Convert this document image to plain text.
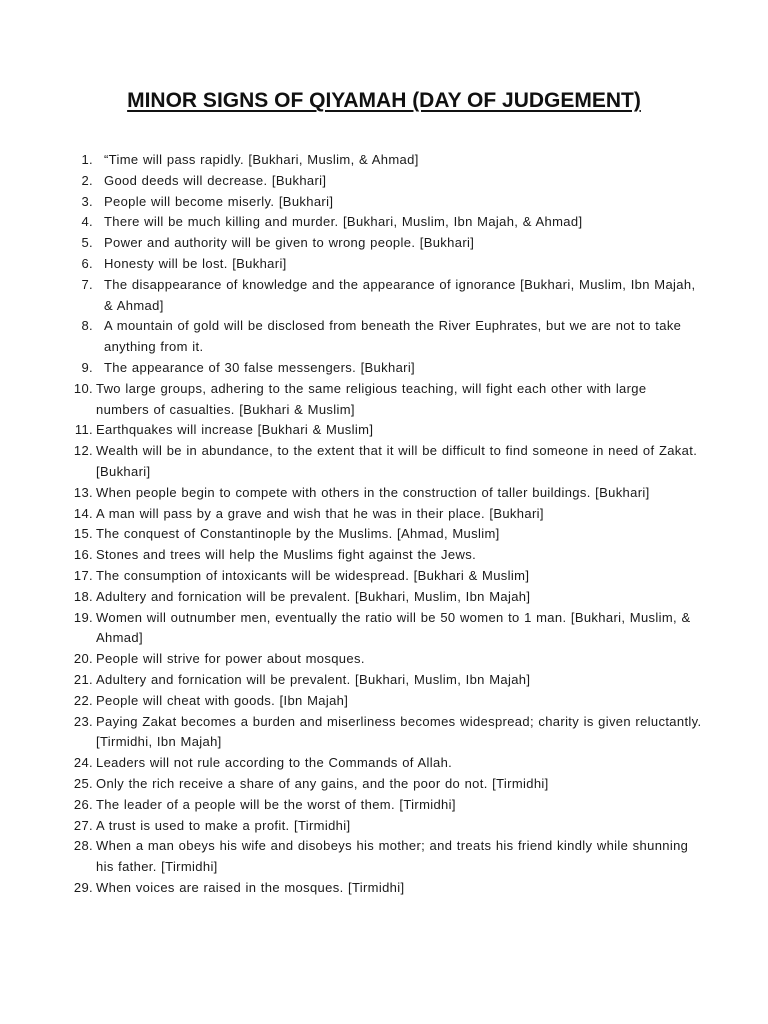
MINOR SIGNS OF QIYAMAH (DAY OF JUDGEMENT)
1. “Time will pass rapidly. [Bukhari, Muslim, & Ahmad]
2. Good deeds will decrease. [Bukhari]
3. People will become miserly. [Bukhari]
4. There will be much killing and murder. [Bukhari, Muslim, Ibn Majah, & Ahmad]
5. Power and authority will be given to wrong people. [Bukhari]
6. Honesty will be lost. [Bukhari]
7. The disappearance of knowledge and the appearance of ignorance [Bukhari, Muslim, Ibn Majah, & Ahmad]
8. A mountain of gold will be disclosed from beneath the River Euphrates, but we are not to take anything from it.
9. The appearance of 30 false messengers. [Bukhari]
10. Two large groups, adhering to the same religious teaching, will fight each other with large numbers of casualties. [Bukhari & Muslim]
11. Earthquakes will increase [Bukhari & Muslim]
12. Wealth will be in abundance, to the extent that it will be difficult to find someone in need of Zakat. [Bukhari]
13. When people begin to compete with others in the construction of taller buildings. [Bukhari]
14. A man will pass by a grave and wish that he was in their place. [Bukhari]
15. The conquest of Constantinople by the Muslims. [Ahmad, Muslim]
16. Stones and trees will help the Muslims fight against the Jews.
17. The consumption of intoxicants will be widespread. [Bukhari & Muslim]
18. Adultery and fornication will be prevalent. [Bukhari, Muslim, Ibn Majah]
19. Women will outnumber men, eventually the ratio will be 50 women to 1 man. [Bukhari, Muslim, & Ahmad]
20. People will strive for power about mosques.
21. Adultery and fornication will be prevalent. [Bukhari, Muslim, Ibn Majah]
22. People will cheat with goods. [Ibn Majah]
23. Paying Zakat becomes a burden and miserliness becomes widespread; charity is given reluctantly. [Tirmidhi, Ibn Majah]
24. Leaders will not rule according to the Commands of Allah.
25. Only the rich receive a share of any gains, and the poor do not. [Tirmidhi]
26. The leader of a people will be the worst of them. [Tirmidhi]
27. A trust is used to make a profit. [Tirmidhi]
28. When a man obeys his wife and disobeys his mother; and treats his friend kindly while shunning his father. [Tirmidhi]
29. When voices are raised in the mosques. [Tirmidhi]
